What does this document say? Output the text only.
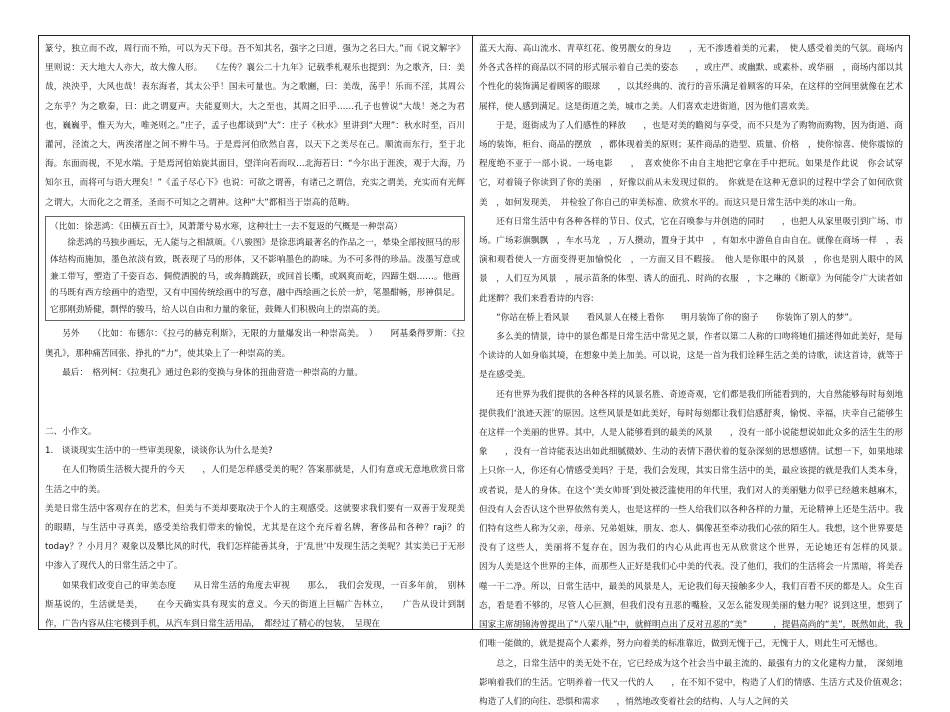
篆兮，独立而不改，周行而不殆，可以为天下母。吾不知其名，强字之曰道，强为之名曰大。”而《说文解字》里则说：天大地大人亦大，故大像人形。　　《左传？襄公二十九年》记载季札观乐也提到：为之歌齐，曰：美哉，泱泱乎，大风也哉！表东海者，其太公乎！国未可量也。为之歌豳，曰：美哉，荡乎！乐而不淫，其周公之东乎？为之歌秦，曰：此之谓夏声。夫能夏则大，大之至也，其周之旧乎……孔子也曾说“大哉！尧之为君也，巍巍乎，惟天为大，唯尧则之。”庄子，孟子也都谈到“大”：庄子《秋水》里讲到“大理”：秋水时至，百川灌河，泾流之大，两涘渚崖之间不辨牛马。于是焉河伯欣然自喜，以天下之美尽在己。顺流而东行，至于北海。东面而视，不见水端。于是焉河伯始旋其面目，望洋向若而叹…北海若曰：“今尔出于涯涘，观于大海，乃知尔丑，而将可与语大理矣！”《孟子尽心下》也说：可欲之谓善，有诸己之谓信，充实之谓美，充实而有光辉之谓大，大而化之之谓圣，圣而不可知之之谓神。这种“大”都相当于崇高的范畴。

（比如：徐悲鸿：《田横五百士》，风萧萧兮易水寒，这种壮士一去不复返的气概是一种崇高）

徐悲鸿的马独步画坛，无人能与之相颉颃。《八骏图》是徐悲鸿最著名的作品之一，晕染全部按照马的形体结构而施加，墨色浓淡有致，既表现了马的形体，又不影响墨色的韵味。为不可多得的珍品。泼墨写意或兼工带写，塑造了千姿百态、倜傥洒脱的马，或奔腾跳跃，或回首长嘶，或飒爽而屹，四蹄生烟……。他画的马既有西方绘画中的造型，又有中国传统绘画中的写意，融中西绘画之长於一炉，笔墨酣畅，形神俱足。它那刚劲矫健，剽悍的骏马，给人以自由和力量的象征，鼓舞人们积极向上的崇高的美。

另外　　（比如：布德尔：《拉弓的赫克利斯》，无限的力量爆发出一种崇高美。　）　　阿基桑得罗斯：《拉奥孔》，那种痛苦回张、挣扎的“力”，使其染上了一种崇高的美。

最后：　格列柯：《拉奥孔》通过色彩的变换与身体的扭曲营造一种崇高的力量。

二、小作文。

1.　谈谈现实生活中的一些审美现象，谈谈你认为什么是美?

在人们物质生活极大提升的今天　　，人们是怎样感受美的呢？答案那就是，人们有意或无意地欣赏日常生活之中的美。

美是日常生活中客观存在的艺术，但美与不美却要取决于个人的主观感受。这就要求我们要有一双善于发现美的眼睛，与生活中寻真美，感受美给我们带来的愉悦，尤其是在这个充斥着名牌，奢侈品和各种？raji？的today？？小月月？观象以及攀比风的时代，我们怎样能善其身，于‘乱世’中发现生活之美呢？其实美已于无形中渗入了现代人的日常生活之中了。

如果我们改变自己的审美态度　　从日常生活的角度去审视　　那么，　我们会发现，一百多年前，　别林斯基说的，生活就是美，　　在今天确实具有现实的意义。今天的街道上巨幅广告林立，　　广告从设计到制作，广告内容从住宅楼到手机，从汽车到日常生活用品，　都经过了精心的包装，　呈现在

蓝天大海、高山流水、青草红花、俊男靓女的身边　　，无不渗透着美的元素，　使人感受着美的气氛。商场内外各式各样的商品以不同的形式展示着自己美的姿态　　，或庄严、或幽默、或素朴、或华丽　，商场内部以其个性化的装饰满足着顾客的眼球　　，以其经典的、流行的音乐满足着顾客的耳朵，在这样的空间里就像在艺术展样，使人感到满足。这是街道之美，城市之美。人们喜欢走进街道，因为他们喜欢美。

于是，逛街成为了人们感性的释放　　，也是对美的瞻阅与享受，而不只是为了购物而购物，因为街道、商场的装饰，柜台、商品的摆放　，都体现着美的原则；某件商品的造型、质量、价格　，使你惊喜、使你震惊的程度绝不亚于一部小说、一场电影　　，　喜欢使你不由自主地把它拿在手中把玩。如果是作此说　你会试穿它，对着镜子你读到了你的美丽　，好像以前从未发现过似的。　你就是在这种无意识的过程中学会了如何欣赏美　，如何发现美，　并检验了你自己的审美标准、欣赏水平的。而这只是日常生活中美的冰山一角。

还有日常生活中有各种各样的节日、仪式，它在召唤参与并创造的同时　　，也把人从家里吸引到广场、市场。广场彩旗飘飘　，车水马龙　，万人攒动，置身于其中　，有如水中游鱼自由自在。就像在商场一样　，表演和观看使人一方面变得更加愉悦化　，一方面又目不暇接。　他人是你眼中的风景　，你也是别人眼中的风景　，人们互为风景　，展示苗条的体型、诱人的面孔、时尚的衣服　，卞之琳的《断章》为何能令广大读者如此迷醉？我们来看看诗的内容:

“你站在桥上看风景　　看风景人在楼上看你　　明月装饰了你的窗子　　你装饰了别人的梦”。

多么美的情景，诗中的景色都是日常生活中常见之景，作者以第二人称的口吻将她们描述得如此美好，是每个读诗的人如身临其境，在想象中美上加美。可以说，这是一首为我们诠释生活之美的诗歌，读这首诗，就等于是在感受美。

还有世界为我们提供的各种各样的风景名胜、奇迹奇观，它们都是我们所能看到的，大自然能够每时每刻地提供我们‘浪迹天涯’的原因。这些风景是如此美好，每时每刻都让我们信感舒爽，愉悦、幸福，庆幸自己能够生在这样一个美丽的世界。其中，人是人能够看到的最美的风景　　，没有一部小说能想说如此众多的活生生的形象　　，没有一首诗能表达出如此细腻微妙、生动的表情下潜伏着的复杂深刻的思想感情。试想一下，如果地球上只你一人，你还有心情感受美吗？于是，我们会发现，其实日常生活中的美，最应该提的就是我们人类本身，或者说，是人的身体。在这个‘美女帅哥’到处被泛滥使用的年代里，我们对人的美丽魅力似乎已经越来越麻木，但没有人会否认这个世界依然有美人，也是这样的一些人给我们以各种各样的力量，无论精神上还是生活中。我们特有这些人称为父亲，母亲、兄弟姐妹，朋友、恋人、偶像甚至牵动我们心弦的陌生人。我想，这个世界要是没有了这些人，美丽将不复存在，因为我们的内心从此再也无从欣赏这个世界，无论她还有怎样的风景。　　　　因为人美是这个世界的主体，而那些人正好是我们心中美的代表。没了他们，我们的生活将会一片黑暗，将美吞噬一干二净。所以，日常生活中，最美的风景是人，无论我们每天接触多少人，我们百看不厌的都是人。众生百态，看是看不够的，尽管人心叵测，但我们没有丑恶的嘴脸，又怎么能发现美丽的魅力呢？说到这里，想到了　国家主席胡锦涛曾提出了“八荣八耻”中，就鲜明点出了反对丑恶的“美”　　　，提倡高尚的“美”，既然如此，我们唯一能做的，就是提高个人素养，努力向着美的标准靠近，做到无愧于己，无愧于人，则此生可无憾也。

总之，日常生活中的美无处不在，它已经成为这个社会当中最主流的、最强有力的文化建构力量，　深刻地影响着我们的生活。它明养着一代又一代的人　　，在不知不觉中，构造了人们的情感、生活方式及价值观念；　构造了人们的向往、恐惧和需求　　，悄然地改变着社会的结构、人与人之间的关
